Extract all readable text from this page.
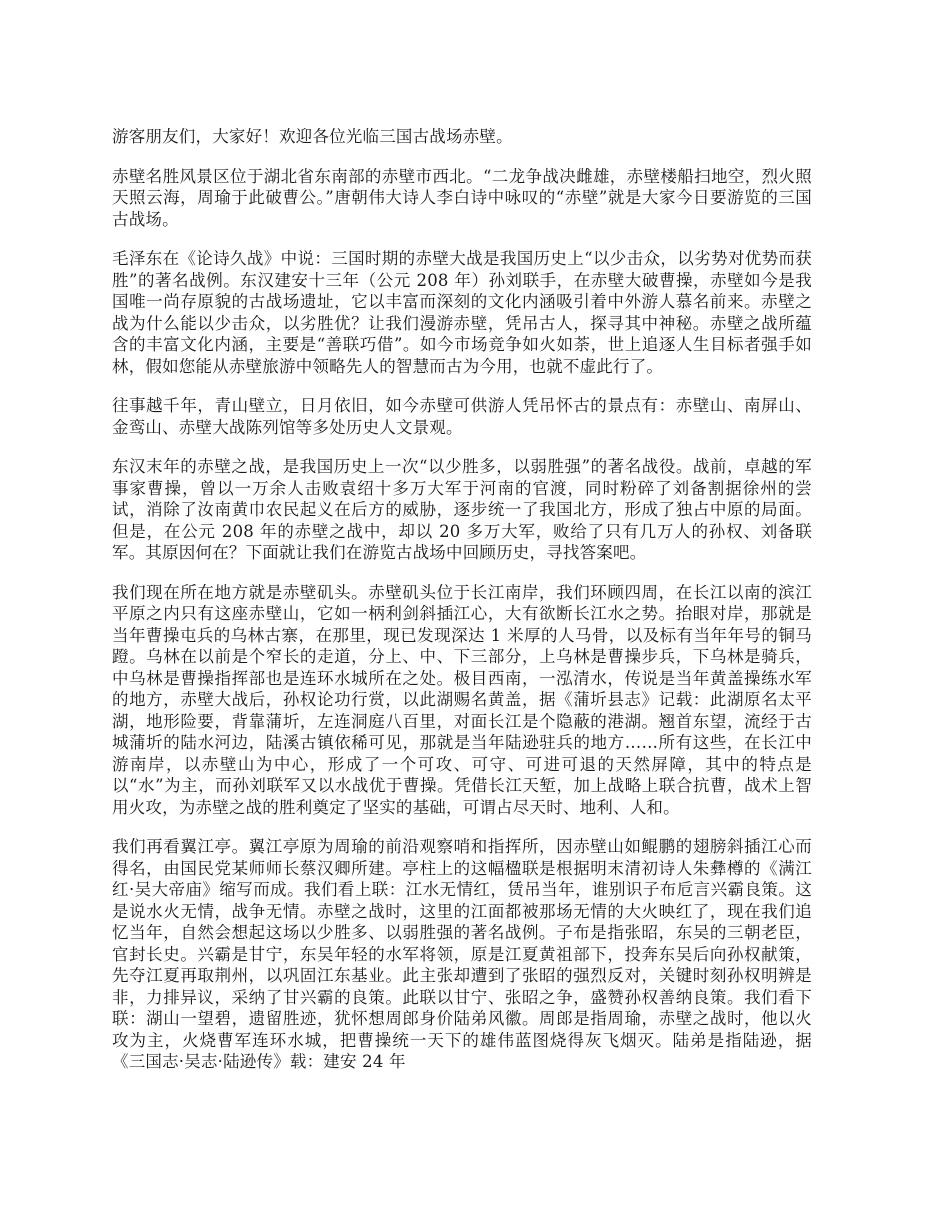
游客朋友们，大家好！欢迎各位光临三国古战场赤壁。

赤壁名胜风景区位于湖北省东南部的赤壁市西北。“二龙争战决雌雄，赤壁楼船扫地空，烈火照天照云海，周瑜于此破曹公。”唐朝伟大诗人李白诗中咏叹的“赤壁”就是大家今日要游览的三国古战场。

毛泽东在《论诗久战》中说：三国时期的赤壁大战是我国历史上“以少击众，以劣势对优势而获胜”的著名战例。东汉建安十三年（公元 208 年）孙刘联手，在赤壁大破曹操，赤壁如今是我国唯一尚存原貌的古战场遗址，它以丰富而深刻的文化内涵吸引着中外游人慕名前来。赤壁之战为什么能以少击众，以劣胜优？让我们漫游赤壁，凭吊古人，探寻其中神秘。赤壁之战所蕴含的丰富文化内涵，主要是“善联巧借”。如今市场竞争如火如荼，世上追逐人生目标者强手如林，假如您能从赤壁旅游中领略先人的智慧而古为今用，也就不虚此行了。

往事越千年，青山壁立，日月依旧，如今赤壁可供游人凭吊怀古的景点有：赤壁山、南屏山、金鸾山、赤壁大战陈列馆等多处历史人文景观。

东汉末年的赤壁之战，是我国历史上一次“以少胜多，以弱胜强”的著名战役。战前，卓越的军事家曹操，曾以一万余人击败袁绍十多万大军于河南的官渡，同时粉碎了刘备割据徐州的尝试，消除了汝南黄巾农民起义在后方的威胁，逐步统一了我国北方，形成了独占中原的局面。但是，在公元 208 年的赤壁之战中，却以 20 多万大军，败给了只有几万人的孙权、刘备联军。其原因何在？下面就让我们在游览古战场中回顾历史，寻找答案吧。

我们现在所在地方就是赤壁矶头。赤壁矶头位于长江南岸，我们环顾四周，在长江以南的滨江平原之内只有这座赤壁山，它如一柄利剑斜插江心，大有欲断长江水之势。抬眼对岸，那就是当年曹操屯兵的乌林古寨，在那里，现已发现深达 1 米厚的人马骨，以及标有当年年号的铜马蹬。乌林在以前是个窄长的走道，分上、中、下三部分，上乌林是曹操步兵，下乌林是骑兵，中乌林是曹操指挥部也是连环水城所在之处。极目西南，一泓清水，传说是当年黄盖操练水军的地方，赤壁大战后，孙权论功行赏，以此湖赐名黄盖，据《蒲圻县志》记载：此湖原名太平湖，地形险要，背靠蒲圻，左连洞庭八百里，对面长江是个隐蔽的港湖。翘首东望，流经于古城蒲圻的陆水河边，陆溪古镇依稀可见，那就是当年陆逊驻兵的地方……所有这些，在长江中游南岸，以赤壁山为中心，形成了一个可攻、可守、可进可退的天然屏障，其中的特点是以“水”为主，而孙刘联军又以水战优于曹操。凭借长江天堑，加上战略上联合抗曹，战术上智用火攻，为赤壁之战的胜利奠定了坚实的基础，可谓占尽天时、地利、人和。

我们再看翼江亭。翼江亭原为周瑜的前沿观察哨和指挥所，因赤壁山如鲲鹏的翅膀斜插江心而得名，由国民党某师师长蔡汉卿所建。亭柱上的这幅楹联是根据明末清初诗人朱彝樽的《满江红·吴大帝庙》缩写而成。我们看上联：江水无情红，赁吊当年，谁别识子布卮言兴霸良策。这是说水火无情，战争无情。赤壁之战时，这里的江面都被那场无情的大火映红了，现在我们追忆当年，自然会想起这场以少胜多、以弱胜强的著名战例。子布是指张昭，东吴的三朝老臣，官封长史。兴霸是甘宁，东吴年轻的水军将领，原是江夏黄祖部下，投奔东吴后向孙权献策，先夺江夏再取荆州，以巩固江东基业。此主张却遭到了张昭的强烈反对，关键时刻孙权明辨是非，力排异议，采纳了甘兴霸的良策。此联以甘宁、张昭之争，盛赞孙权善纳良策。我们看下联：湖山一望碧，遗留胜迹，犹怀想周郎身价陆弟风徽。周郎是指周瑜，赤壁之战时，他以火攻为主，火烧曹军连环水城，把曹操统一天下的雄伟蓝图烧得灰飞烟灭。陆弟是指陆逊，据《三国志·吴志·陆逊传》载：建安 24 年
